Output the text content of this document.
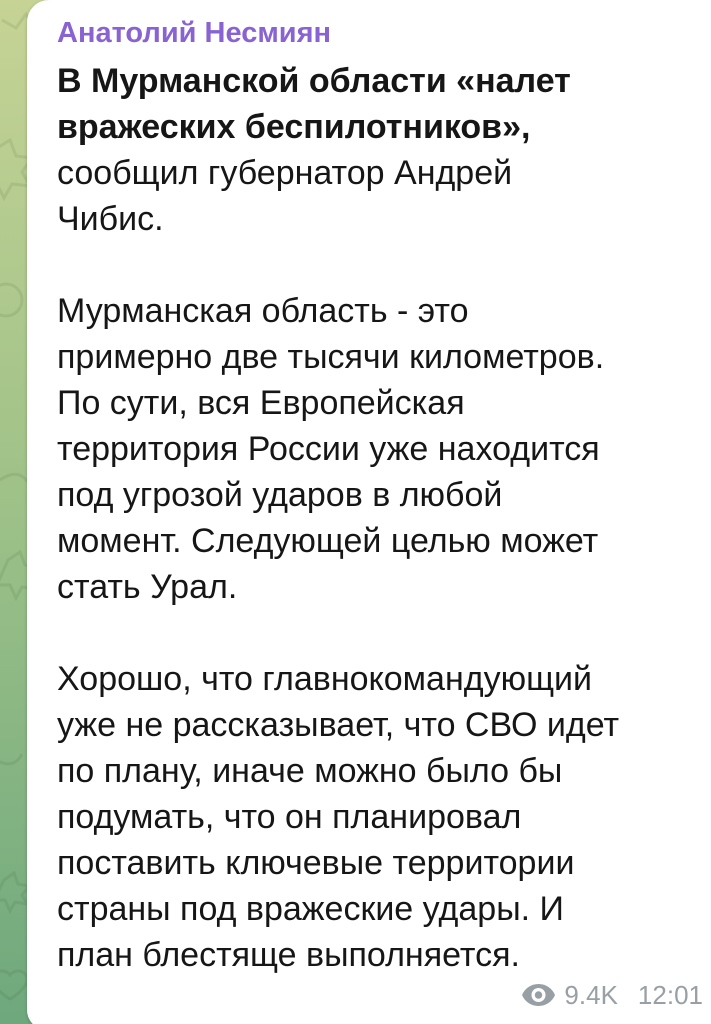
Анатолий Несмиян
В Мурманской области «налет
вражеских беспилотников»,
сообщил губернатор Андрей
Чибис.
Мурманская область - это
примерно две тысячи километров.
По сути, вся Европейская
территория России уже находится
под угрозой ударов в любой
момент. Следующей целью может
стать Урал.
Хорошо, что главнокомандующий
уже не рассказывает, что СВО идет
по плану, иначе можно было бы
подумать, что он планировал
поставить ключевые территории
страны под вражеские удары. И
план блестяще выполняется.
9.4K 12:01
